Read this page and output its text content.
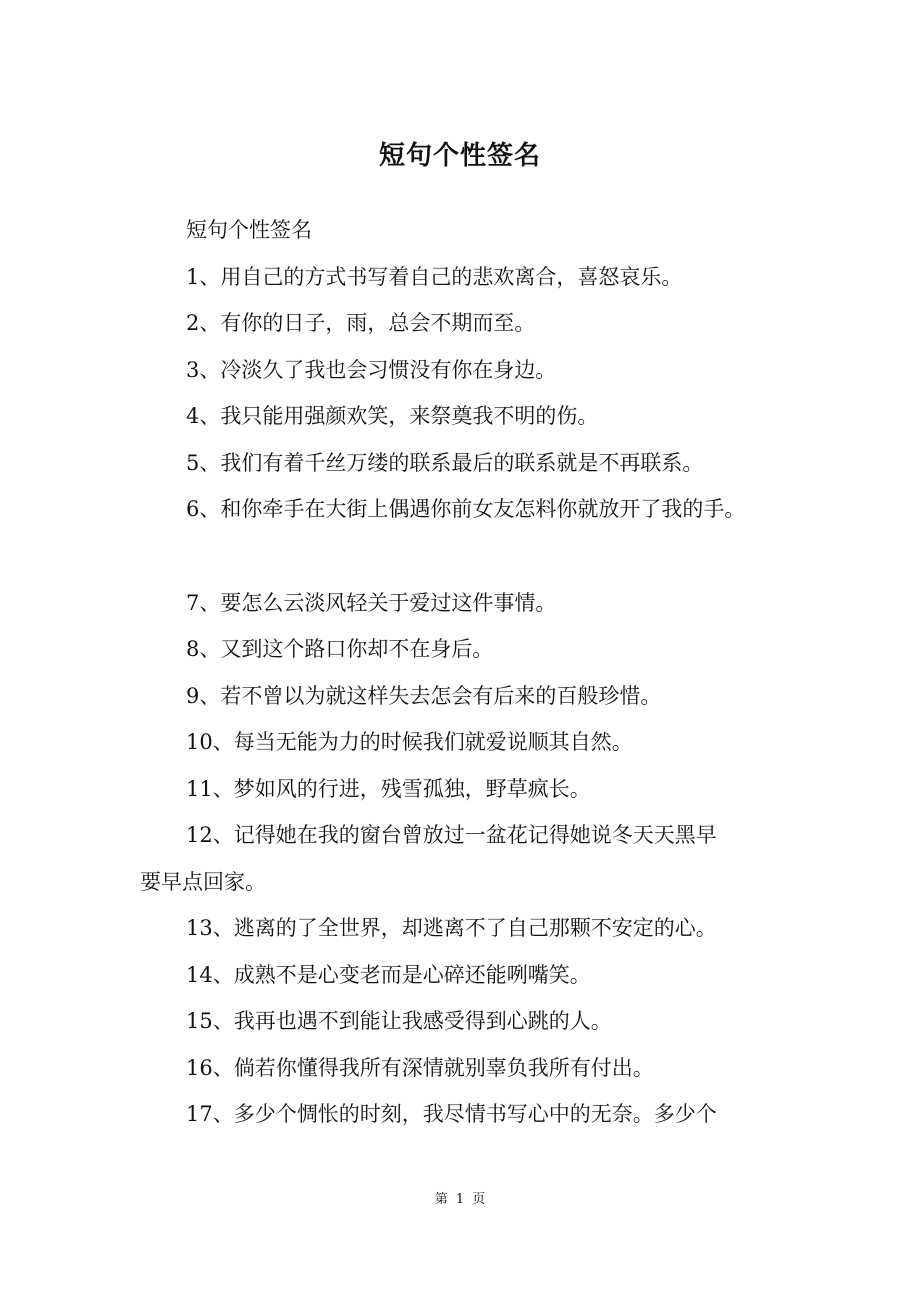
短句个性签名
短句个性签名
1、用自己的方式书写着自己的悲欢离合，喜怒哀乐。
2、有你的日子，雨，总会不期而至。
3、冷淡久了我也会习惯没有你在身边。
4、我只能用强颜欢笑，来祭奠我不明的伤。
5、我们有着千丝万缕的联系最后的联系就是不再联系。
6、和你牵手在大街上偶遇你前女友怎料你就放开了我的手。
7、要怎么云淡风轻关于爱过这件事情。
8、又到这个路口你却不在身后。
9、若不曾以为就这样失去怎会有后来的百般珍惜。
10、每当无能为力的时候我们就爱说顺其自然。
11、梦如风的行进，残雪孤独，野草疯长。
12、记得她在我的窗台曾放过一盆花记得她说冬天天黑早
要早点回家。
13、逃离的了全世界，却逃离不了自己那颗不安定的心。
14、成熟不是心变老而是心碎还能咧嘴笑。
15、我再也遇不到能让我感受得到心跳的人。
16、倘若你懂得我所有深情就别辜负我所有付出。
17、多少个惆怅的时刻，我尽情书写心中的无奈。多少个
第 1 页
